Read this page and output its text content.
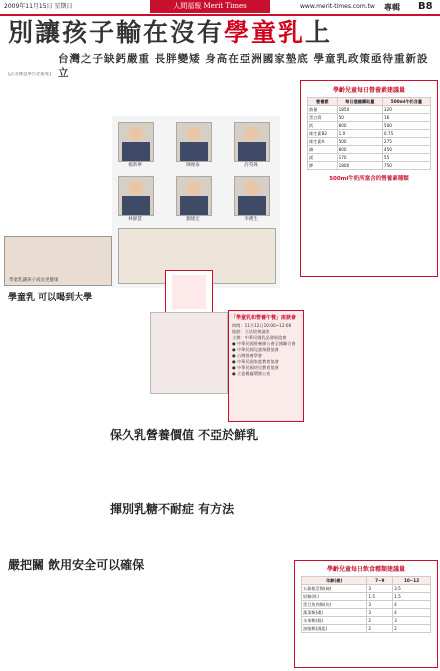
2009年11月15日 星期日	人間福報 Merit Times	www.merit-times.com.tw 專輯 B8
別讓孩子輸在沒有學童乳上
台灣之子缺鈣嚴重 長胖變矮 身高在亞洲國家墊底 學童乳政策亟待重新設立
【記者陳慧華台北報導】
楊新華	陳俊泰	許英珠
林靜慧	劉建宏	李禮生
學童乳讓孩子成長更健康
學齡兒童每日營養素建議量
營養素	每日建議攝取量	500ml牛奶含量
熱量	1850	320
蛋白質	50	16
鈣	800	500
維生素B2	1.0	0.75
維生素A	500	275
磷	800	450
鎂	170	55
鉀	1800	750
500ml牛奶所富含的營養素種類
學童乳 可以喝到大學
「學童乳和營養午餐」座談會
時間：11月12日10:00~12:00
地點：立法院會議室
主辦：中華民國乳品發展協會
● 中華民國營養師公會全國聯合會
● 中華民國兒童保健協會
● 台灣營養學會
● 中華民國家庭教育協會
● 中華民國幼兒教育協會
● 立委楊麗環辦公室
保久乳營養價值 不亞於鮮乳
揮別乳糖不耐症 有方法
嚴把關 飲用安全可以確保	學齡兒童每日飲食種類建議量
年齡(歲)	7~9	10~12
五穀根莖類(碗)	3	3.5
奶類(杯)	1.5	1.5
蛋豆魚肉類(份)	3	4
蔬菜類(碟)	3	4
水果類(個)	2	3
油脂類(湯匙)	2	2
